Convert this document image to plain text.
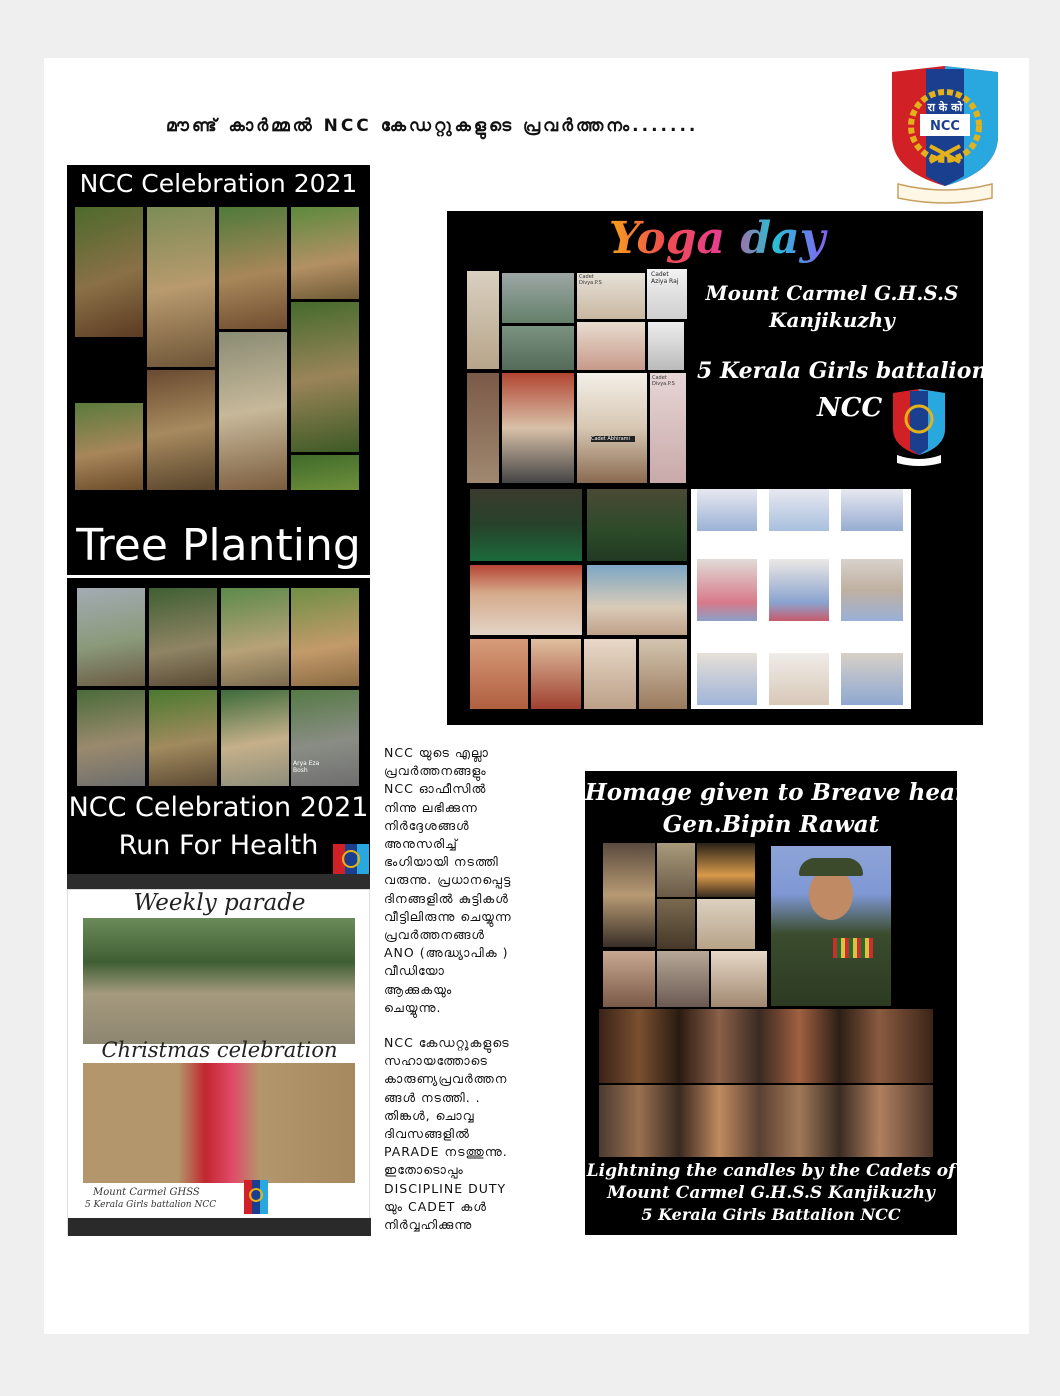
മൗണ്ട് കാർമ്മൽ NCC കേഡറ്റുകളുടെ പ്രവർത്തനം.......
रा के को
NCC
NCC Celebration 2021
Tree Planting
Arya Eza Bosh
NCC Celebration 2021
Run For Health
Weekly parade
Christmas celebration
Mount Carmel GHSS
5 Kerala Girls battalion NCC
Yoga day
Cadet Divya.P.S
Cadet Aziya Raj
Cadet Abhirami
Cadet Divya.P.S
Mount Carmel G.H.S.S
Kanjikuzhy
5 Kerala Girls battalion
NCC

NCC യുടെ എല്ലാ
പ്രവർത്തനങ്ങളും
NCC ഓഫീസിൽ
നിന്നു ലഭിക്കുന്ന
നിർദ്ദേശങ്ങൾ
അനുസരിച്ച്
ഭംഗിയായി നടത്തി
വരുന്നു. പ്രധാനപ്പെട്ട
ദിനങ്ങളിൽ കുട്ടികൾ
വീട്ടിലിരുന്നു ചെയ്യുന്ന
പ്രവർത്തനങ്ങൾ
ANO (അദ്ധ്യാപിക )
വീഡിയോ
ആക്കുകയും
ചെയ്യുന്നു.

NCC കേഡറ്റുകളുടെ
സഹായത്തോടെ
കാരുണ്യപ്രവർത്തന
ങ്ങൾ നടത്തി. .
തിങ്കൾ, ചൊവ്വ
ദിവസങ്ങളിൽ
PARADE നടത്തുന്നു.
ഇതോടൊപ്പം
DISCIPLINE DUTY
യും CADET കൾ
നിർവ്വഹിക്കുന്നു

Homage given to Breave heart
Gen.Bipin Rawat
Lightning the candles by the Cadets of
Mount Carmel G.H.S.S Kanjikuzhy
5 Kerala Girls Battalion NCC
